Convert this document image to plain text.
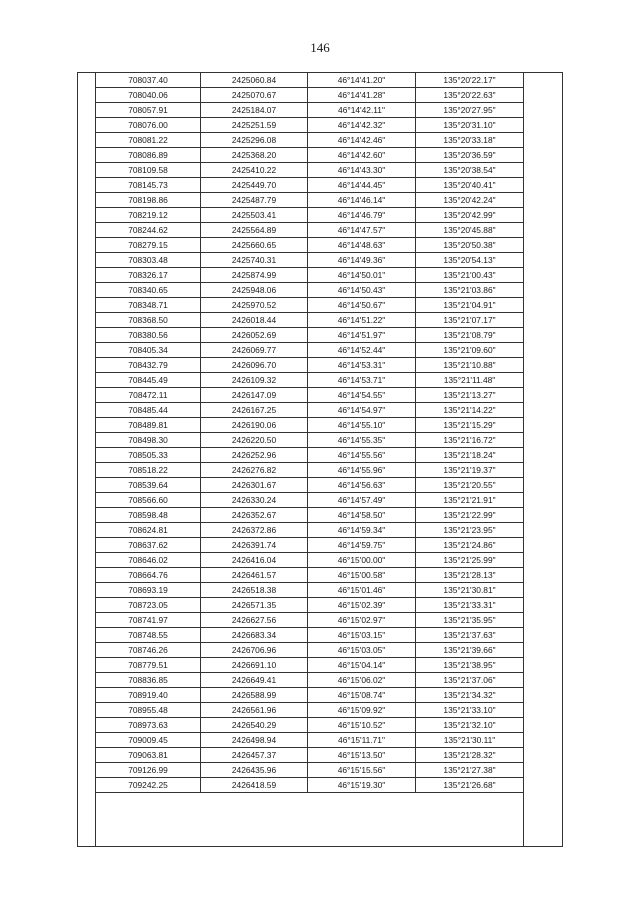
146
708037.40	2425060.84	46°14'41.20"	135°20'22.17"
708040.06	2425070.67	46°14'41.28"	135°20'22.63"
708057.91	2425184.07	46°14'42.11"	135°20'27.95"
708076.00	2425251.59	46°14'42.32"	135°20'31.10"
708081.22	2425296.08	46°14'42.46"	135°20'33.18"
708086.89	2425368.20	46°14'42.60"	135°20'36.59"
708109.58	2425410.22	46°14'43.30"	135°20'38.54"
708145.73	2425449.70	46°14'44.45"	135°20'40.41"
708198.86	2425487.79	46°14'46.14"	135°20'42.24"
708219.12	2425503.41	46°14'46.79"	135°20'42.99"
708244.62	2425564.89	46°14'47.57"	135°20'45.88"
708279.15	2425660.65	46°14'48.63"	135°20'50.38"
708303.48	2425740.31	46°14'49.36"	135°20'54.13"
708326.17	2425874.99	46°14'50.01"	135°21'00.43"
708340.65	2425948.06	46°14'50.43"	135°21'03.86"
708348.71	2425970.52	46°14'50.67"	135°21'04.91"
708368.50	2426018.44	46°14'51.22"	135°21'07.17"
708380.56	2426052.69	46°14'51.97"	135°21'08.79"
708405.34	2426069.77	46°14'52.44"	135°21'09.60"
708432.79	2426096.70	46°14'53.31"	135°21'10.88"
708445.49	2426109.32	46°14'53.71"	135°21'11.48"
708472.11	2426147.09	46°14'54.55"	135°21'13.27"
708485.44	2426167.25	46°14'54.97"	135°21'14.22"
708489.81	2426190.06	46°14'55.10"	135°21'15.29"
708498.30	2426220.50	46°14'55.35"	135°21'16.72"
708505.33	2426252.96	46°14'55.56"	135°21'18.24"
708518.22	2426276.82	46°14'55.96"	135°21'19.37"
708539.64	2426301.67	46°14'56.63"	135°21'20.55"
708566.60	2426330.24	46°14'57.49"	135°21'21.91"
708598.48	2426352.67	46°14'58.50"	135°21'22.99"
708624.81	2426372.86	46°14'59.34"	135°21'23.95"
708637.62	2426391.74	46°14'59.75"	135°21'24.86"
708646.02	2426416.04	46°15'00.00"	135°21'25.99"
708664.76	2426461.57	46°15'00.58"	135°21'28.13"
708693.19	2426518.38	46°15'01.46"	135°21'30.81"
708723.05	2426571.35	46°15'02.39"	135°21'33.31"
708741.97	2426627.56	46°15'02.97"	135°21'35.95"
708748.55	2426683.34	46°15'03.15"	135°21'37.63"
708746.26	2426706.96	46°15'03.05"	135°21'39.66"
708779.51	2426691.10	46°15'04.14"	135°21'38.95"
708836.85	2426649.41	46°15'06.02"	135°21'37.06"
708919.40	2426588.99	46°15'08.74"	135°21'34.32"
708955.48	2426561.96	46°15'09.92"	135°21'33.10"
708973.63	2426540.29	46°15'10.52"	135°21'32.10"
709009.45	2426498.94	46°15'11.71"	135°21'30.11"
709063.81	2426457.37	46°15'13.50"	135°21'28.32"
709126.99	2426435.96	46°15'15.56"	135°21'27.38"
709242.25	2426418.59	46°15'19.30"	135°21'26.68"
